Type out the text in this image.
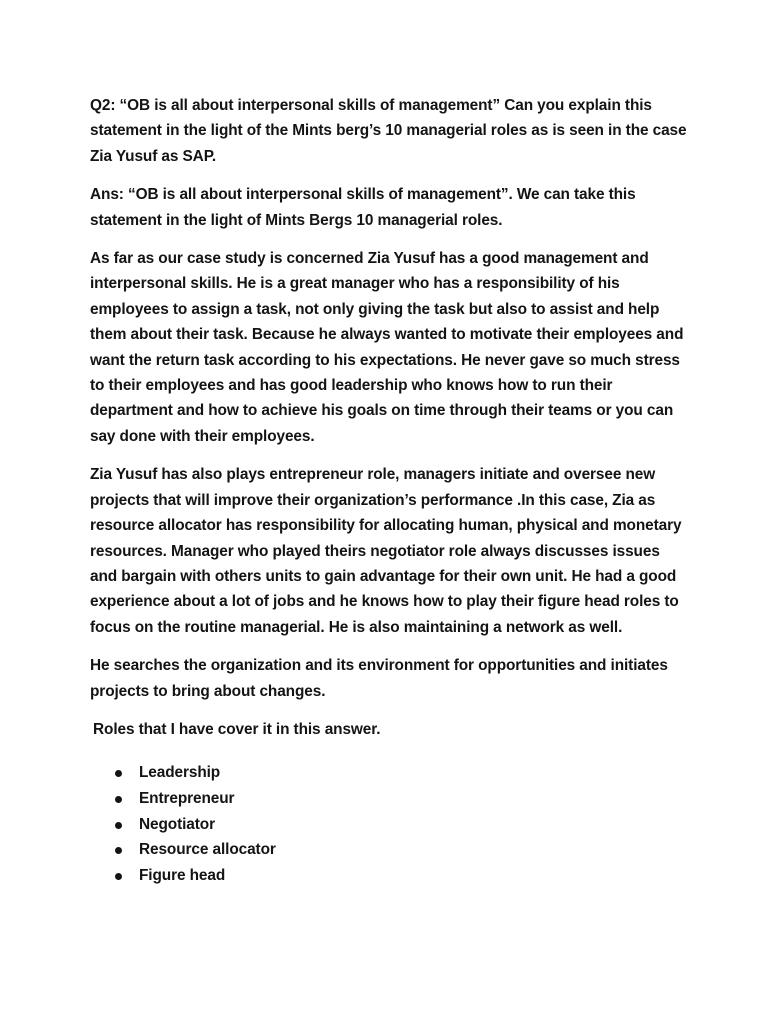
Q2: “OB is all about interpersonal skills of management” Can you explain this statement in the light of the Mints berg’s 10 managerial roles as is seen in the case Zia Yusuf as SAP.

Ans: “OB is all about interpersonal skills of management”. We can take this statement in the light of Mints Bergs 10 managerial roles.

As far as our case study is concerned Zia Yusuf has a good management and interpersonal skills. He is a great manager who has a responsibility of his employees to assign a task, not only giving the task but also to assist and help them about their task. Because he always wanted to motivate their employees and want the return task according to his expectations. He never gave so much stress to their employees and has good leadership who knows how to run their department and how to achieve his goals on time through their teams or you can say done with their employees.

Zia Yusuf has also plays entrepreneur role, managers initiate and oversee new projects that will improve their organization’s performance .In this case, Zia as resource allocator has responsibility for allocating human, physical and monetary resources. Manager who played theirs negotiator role always discusses issues and bargain with others units to gain advantage for their own unit. He had a good experience about a lot of jobs and he knows how to play their figure head roles to focus on the routine managerial. He is also maintaining a network as well.

He searches the organization and its environment for opportunities and initiates projects to bring about changes.

Roles that I have cover it in this answer.

Leadership
Entrepreneur
Negotiator
Resource allocator
Figure head
